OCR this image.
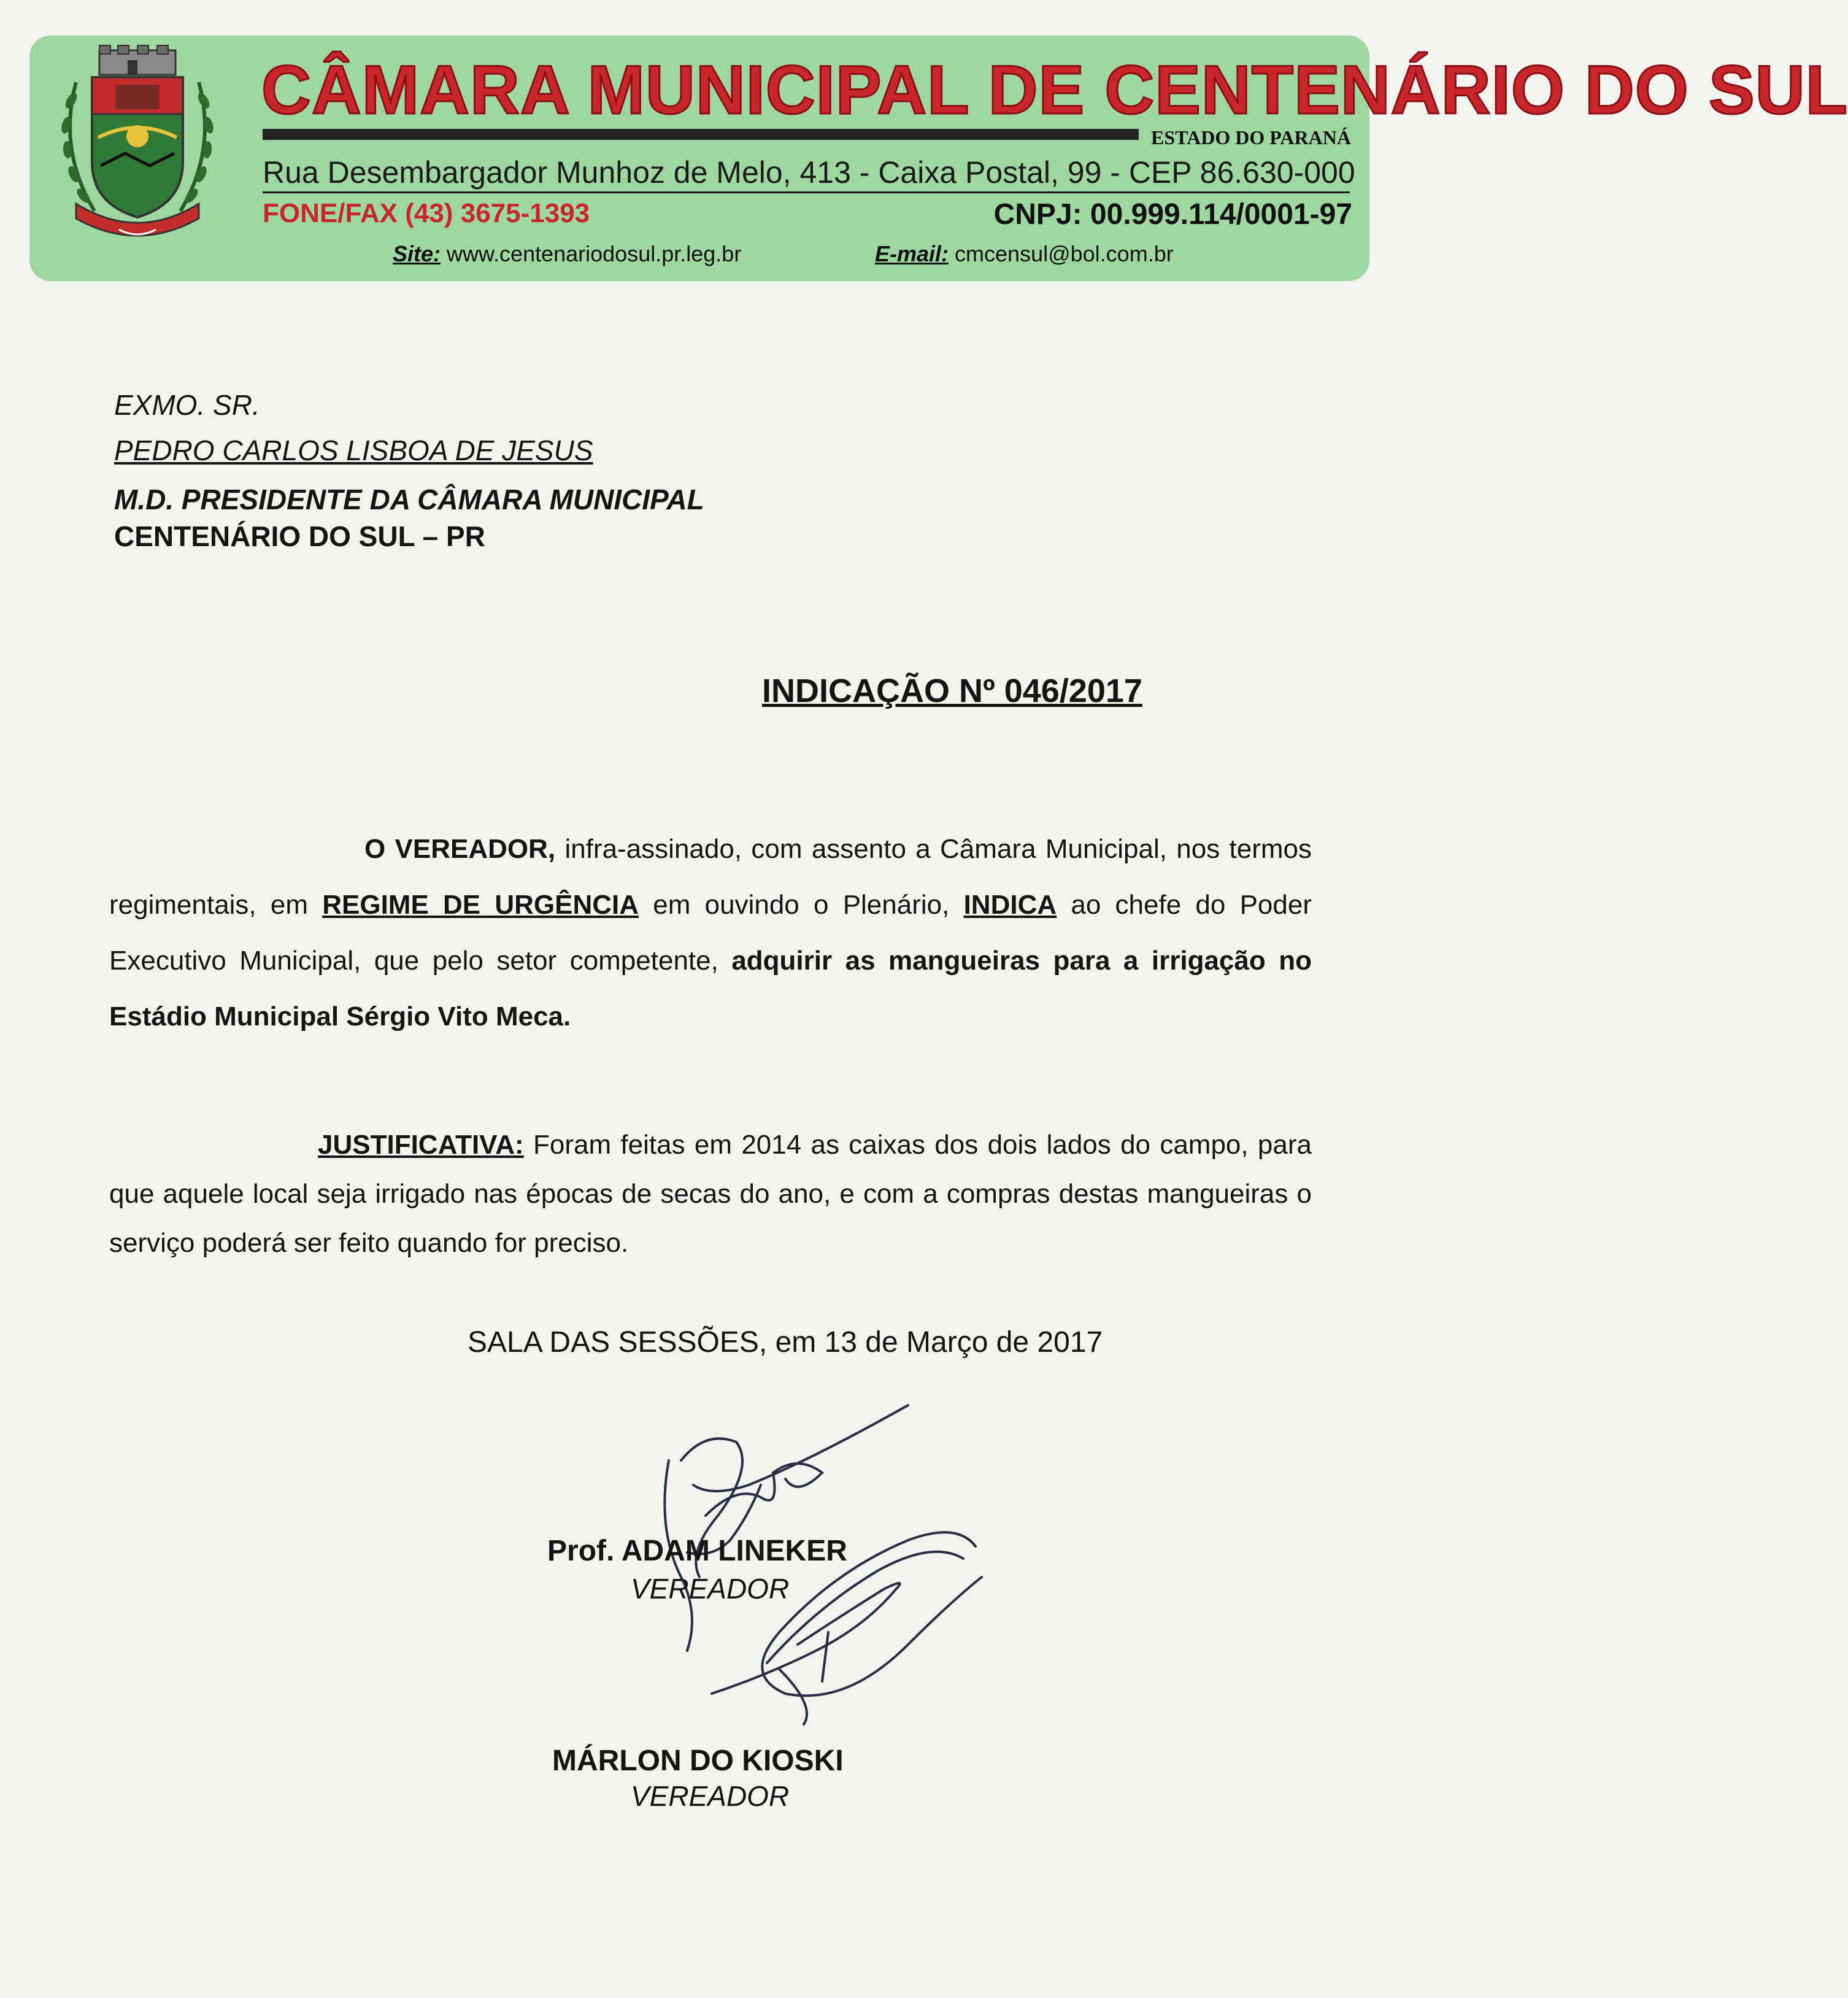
CÂMARA MUNICIPAL DE CENTENÁRIO DO SUL
ESTADO DO PARANÁ
Rua Desembargador Munhoz de Melo, 413 - Caixa Postal, 99 - CEP 86.630-000
FONE/FAX (43) 3675-1393	CNPJ: 00.999.114/0001-97
Site: www.centenariodosul.pr.leg.br	E-mail: cmcensul@bol.com.br
EXMO. SR.
PEDRO CARLOS LISBOA DE JESUS
M.D. PRESIDENTE DA CÂMARA MUNICIPAL
CENTENÁRIO DO SUL – PR
INDICAÇÃO Nº 046/2017
O VEREADOR, infra-assinado, com assento a Câmara Municipal, nos termos regimentais, em REGIME DE URGÊNCIA em ouvindo o Plenário, INDICA ao chefe do Poder Executivo Municipal, que pelo setor competente, adquirir as mangueiras para a irrigação no Estádio Municipal Sérgio Vito Meca.
JUSTIFICATIVA: Foram feitas em 2014 as caixas dos dois lados do campo, para que aquele local seja irrigado nas épocas de secas do ano, e com a compras destas mangueiras o serviço poderá ser feito quando for preciso.
SALA DAS SESSÕES, em 13 de Março de 2017
Prof. ADAM LINEKER
VEREADOR
MÁRLON DO KIOSKI
VEREADOR
